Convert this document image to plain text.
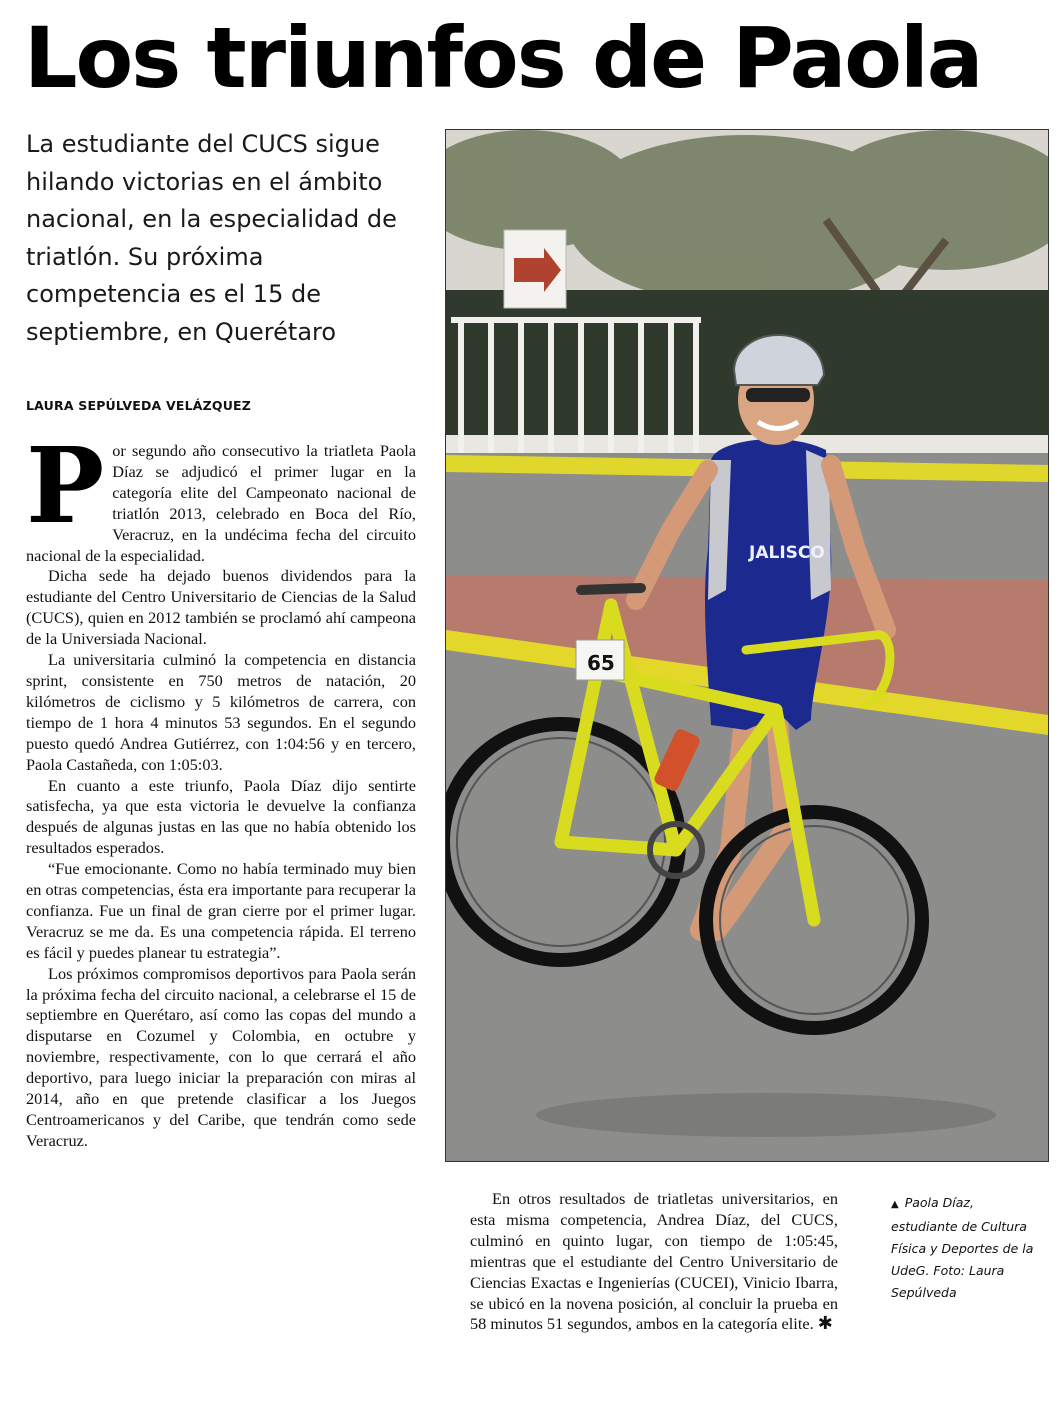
Los triunfos de Paola
La estudiante del CUCS sigue hilando victorias en el ámbito nacional, en la especialidad de triatlón. Su próxima competencia es el 15 de septiembre, en Querétaro
LAURA SEPÚLVEDA VELÁZQUEZ

Por segundo año consecutivo la triatleta Paola Díaz se adjudicó el primer lugar en la categoría elite del Campeonato nacional de triatlón 2013, celebrado en Boca del Río, Veracruz, en la undécima fecha del circuito nacional de la especialidad.

Dicha sede ha dejado buenos dividendos para la estudiante del Centro Universitario de Ciencias de la Salud (CUCS), quien en 2012 también se proclamó ahí campeona de la Universiada Nacional.

La universitaria culminó la competencia en distancia sprint, consistente en 750 metros de natación, 20 kilómetros de ciclismo y 5 kilómetros de carrera, con tiempo de 1 hora 4 minutos 53 segundos. En el segundo puesto quedó Andrea Gutiérrez, con 1:04:56 y en tercero, Paola Castañeda, con 1:05:03.

En cuanto a este triunfo, Paola Díaz dijo sentirte satisfecha, ya que esta victoria le devuelve la confianza después de algunas justas en las que no había obtenido los resultados esperados.

“Fue emocionante. Como no había terminado muy bien en otras competencias, ésta era importante para recuperar la confianza. Fue un final de gran cierre por el primer lugar. Veracruz se me da. Es una competencia rápida. El terreno es fácil y puedes planear tu estrategia”.

Los próximos compromisos deportivos para Paola serán la próxima fecha del circuito nacional, a celebrarse el 15 de septiembre en Querétaro, así como las copas del mundo a disputarse en Cozumel y Colombia, en octubre y noviembre, respectivamente, con lo que cerrará el año deportivo, para luego iniciar la preparación con miras al 2014, año en que pretende clasificar a los Juegos Centroamericanos y del Caribe, que tendrán como sede Veracruz.

JALISCO
65

En otros resultados de triatletas universitarios, en esta misma competencia, Andrea Díaz, del CUCS, culminó en quinto lugar, con tiempo de 1:05:45, mientras que el estudiante del Centro Universitario de Ciencias Exactas e Ingenierías (CUCEI), Vinicio Ibarra, se ubicó en la novena posición, al concluir la prueba en 58 minutos 51 segundos, ambos en la categoría elite. ✱

▲ Paola Díaz, estudiante de Cultura Física y Deportes de la UdeG. Foto: Laura Sepúlveda
